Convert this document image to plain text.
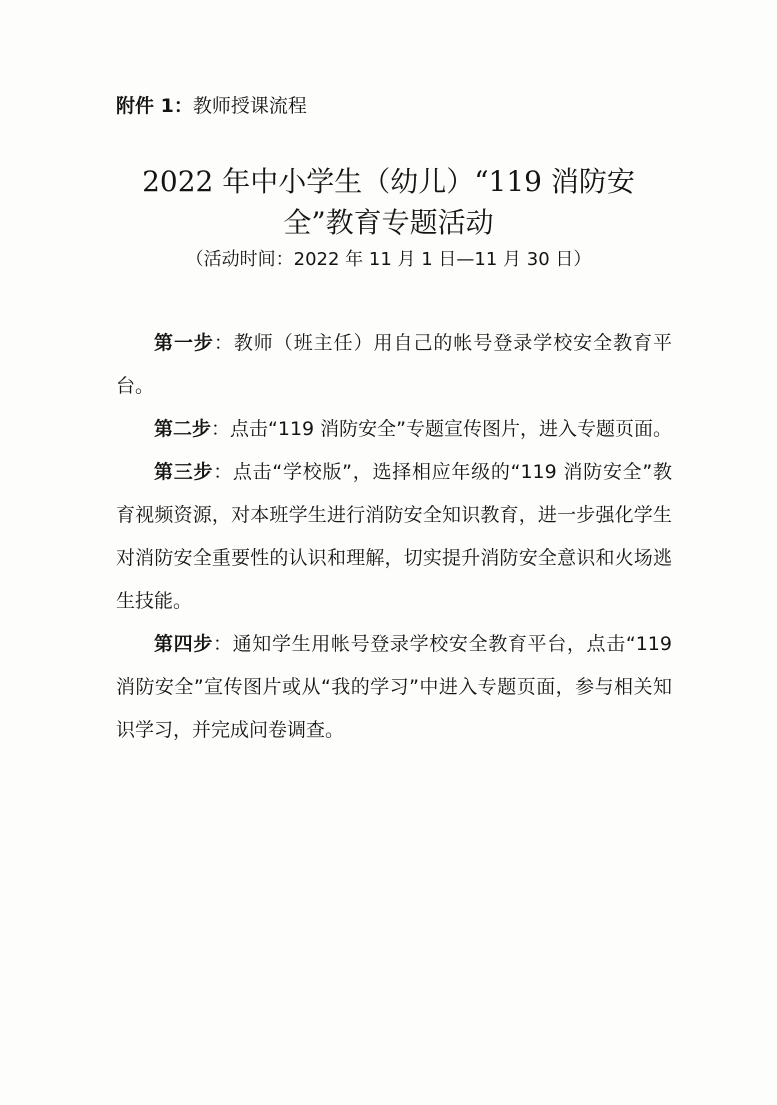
附件 1：教师授课流程
2022 年中小学生（幼儿）“119 消防安
全”教育专题活动
（活动时间：2022 年 11 月 1 日—11 月 30 日）

第一步：教师（班主任）用自己的帐号登录学校安全教育平台。

第二步：点击“119 消防安全”专题宣传图片，进入专题页面。

第三步：点击“学校版”，选择相应年级的“119 消防安全”教育视频资源，对本班学生进行消防安全知识教育，进一步强化学生对消防安全重要性的认识和理解，切实提升消防安全意识和火场逃生技能。

第四步：通知学生用帐号登录学校安全教育平台，点击“119 消防安全”宣传图片或从“我的学习”中进入专题页面，参与相关知识学习，并完成问卷调查。
